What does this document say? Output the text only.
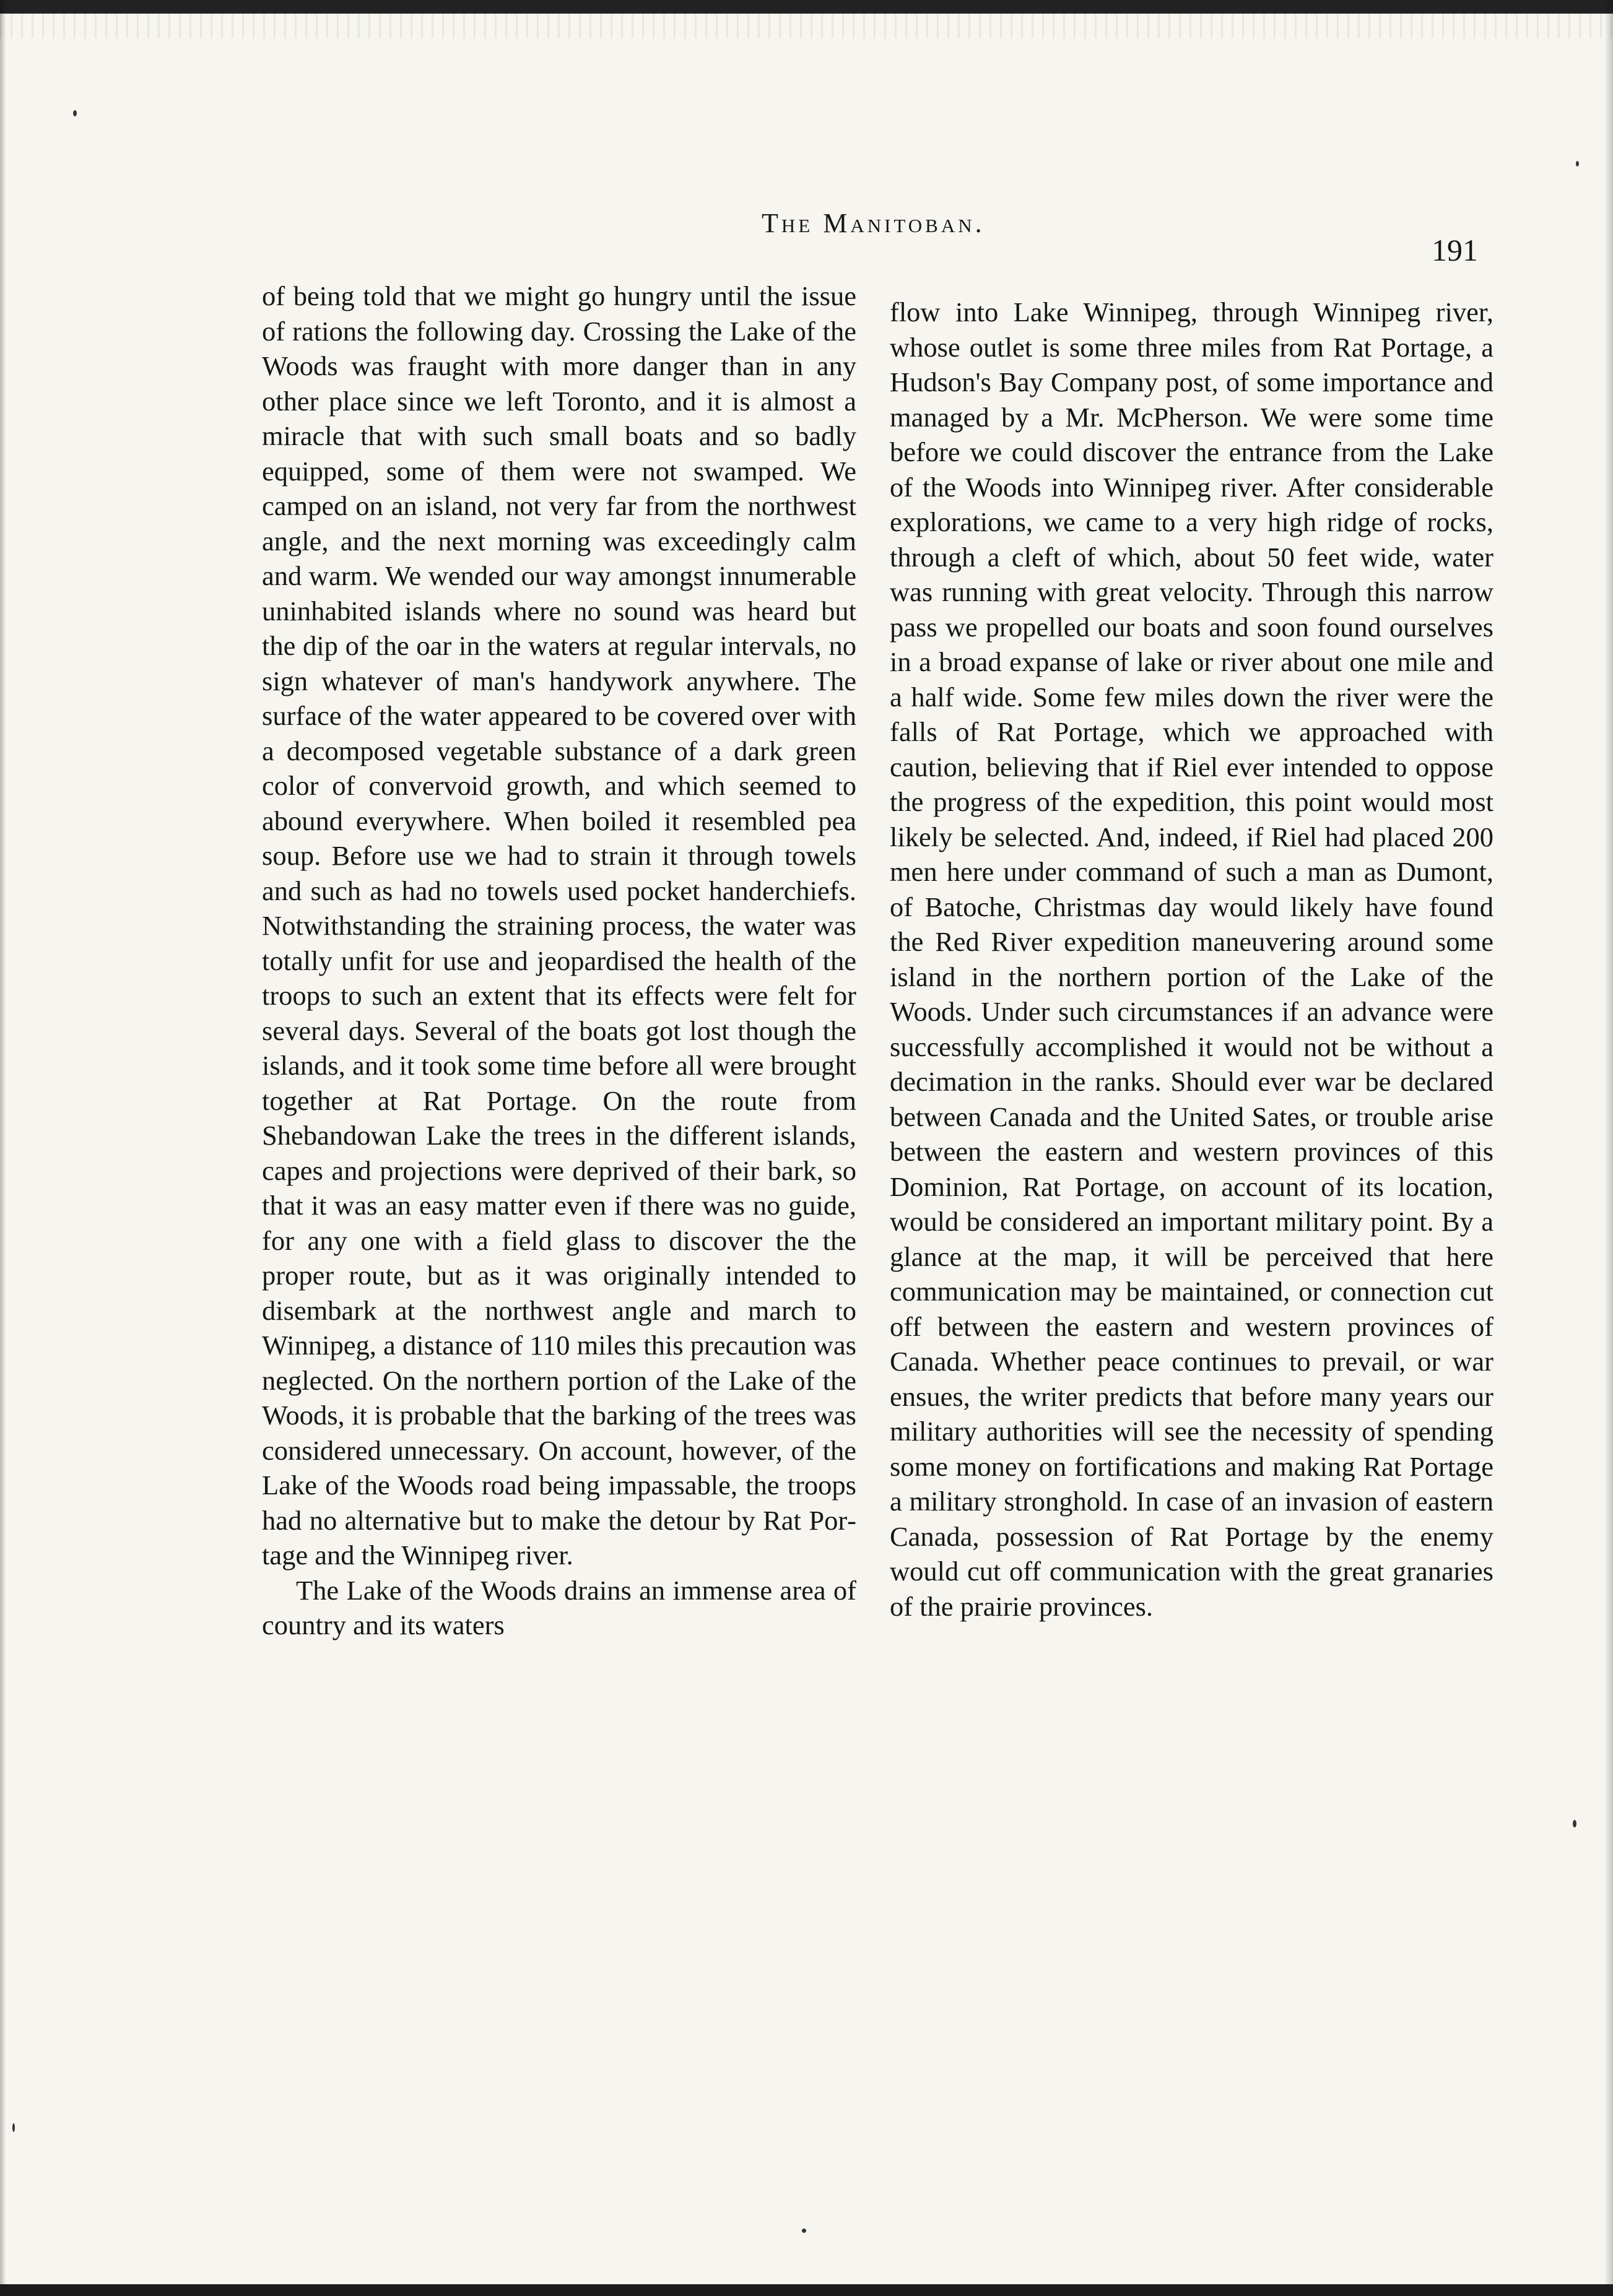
The Manitoban.
191

of being told that we might go hungry until the issue of rations the following day. Crossing the Lake of the Woods was fraught with more danger than in any other place since we left Toronto, and it is almost a miracle that with such small boats and so badly equipped, some of them were not swamped. We camped on an island, not very far from the northwest angle, and the next morning was exceedingly calm and warm. We wended our way amongst innumerable uninhabited islands where no sound was heard but the dip of the oar in the waters at regular intervals, no sign whatever of man's handywork anywhere. The surface of the water appeared to be covered over with a decomposed vegetable substance of a dark green color of convervoid growth, and which seemed to abound everywhere. When boiled it resembled pea soup. Before use we had to strain it through towels and such as had no towels used pocket handerchiefs. Notwithstanding the straining process, the water was totally unfit for use and jeopardised the health of the troops to such an extent that its effects were felt for several days. Several of the boats got lost though the islands, and it took some time before all were brought together at Rat Portage. On the route from Shebandowan Lake the trees in the different islands, capes and projections were deprived of their bark, so that it was an easy matter even if there was no guide, for any one with a field glass to discover the the proper route, but as it was originally intended to disembark at the northwest angle and march to Winnipeg, a distance of 110 miles this precaution was neglected. On the northern portion of the Lake of the Woods, it is probable that the barking of the trees was considered unnecessary. On account, however, of the Lake of the Woods road being impassable, the troops had no alternative but to make the detour by Rat Portage and the Winnipeg river.

The Lake of the Woods drains an immense area of country and its waters

flow into Lake Winnipeg, through Winnipeg river, whose outlet is some three miles from Rat Portage, a Hudson's Bay Company post, of some importance and managed by a Mr. McPherson. We were some time before we could discover the entrance from the Lake of the Woods into Winnipeg river. After considerable explorations, we came to a very high ridge of rocks, through a cleft of which, about 50 feet wide, water was running with great velocity. Through this narrow pass we propelled our boats and soon found ourselves in a broad expanse of lake or river about one mile and a half wide. Some few miles down the river were the falls of Rat Portage, which we approached with caution, believing that if Riel ever intended to oppose the progress of the expedition, this point would most likely be selected. And, indeed, if Riel had placed 200 men here under command of such a man as Dumont, of Batoche, Christmas day would likely have found the Red River expedition maneuvering around some island in the northern portion of the Lake of the Woods. Under such circumstances if an advance were successfully accomplished it would not be without a decimation in the ranks. Should ever war be declared between Canada and the United Sates, or trouble arise between the eastern and western provinces of this Dominion, Rat Portage, on account of its location, would be considered an important military point. By a glance at the map, it will be perceived that here communication may be maintained, or connection cut off between the eastern and western provinces of Canada. Whether peace continues to prevail, or war ensues, the writer predicts that before many years our military authorities will see the necessity of spending some money on fortifications and making Rat Portage a military stronghold. In case of an invasion of eastern Canada, possession of Rat Portage by the enemy would cut off communication with the great granaries of the prairie provinces.
